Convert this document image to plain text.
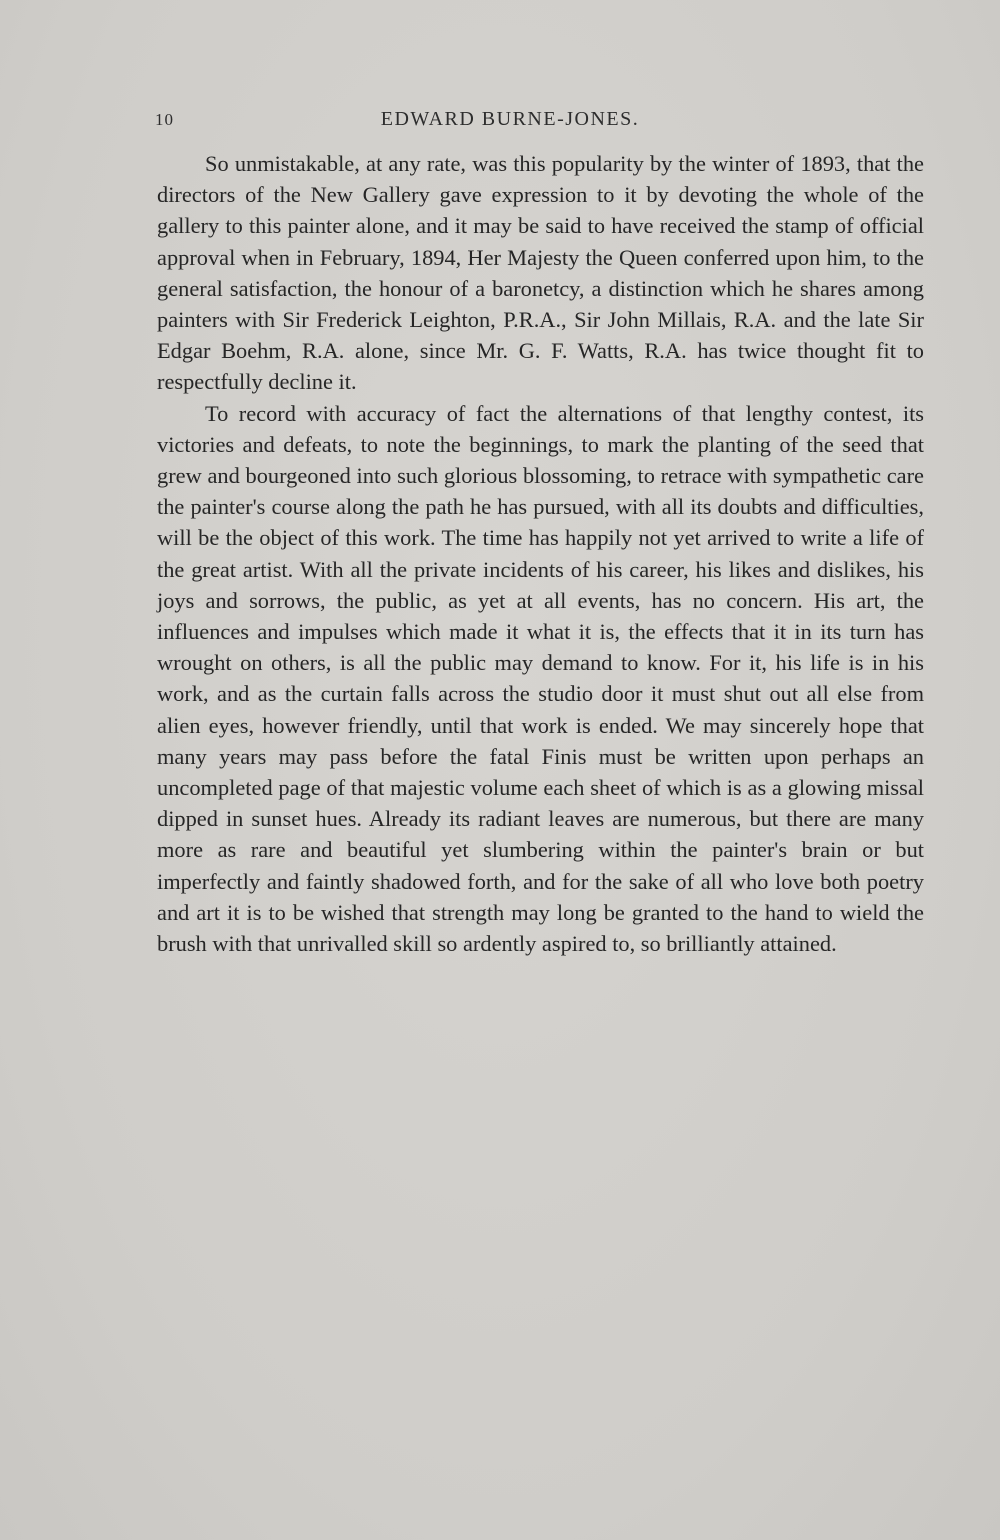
10	EDWARD BURNE-JONES.

So unmistakable, at any rate, was this popularity by the winter of 1893, that the directors of the New Gallery gave expression to it by devoting the whole of the gallery to this painter alone, and it may be said to have received the stamp of official approval when in February, 1894, Her Majesty the Queen conferred upon him, to the general satisfaction, the honour of a baronetcy, a distinction which he shares among painters with Sir Frederick Leighton, P.R.A., Sir John Millais, R.A. and the late Sir Edgar Boehm, R.A. alone, since Mr. G. F. Watts, R.A. has twice thought fit to respectfully decline it.

To record with accuracy of fact the alternations of that lengthy contest, its victories and defeats, to note the beginnings, to mark the planting of the seed that grew and bourgeoned into such glorious blossoming, to retrace with sympathetic care the painter's course along the path he has pursued, with all its doubts and difficulties, will be the object of this work. The time has happily not yet arrived to write a life of the great artist. With all the private incidents of his career, his likes and dislikes, his joys and sorrows, the public, as yet at all events, has no concern. His art, the influences and impulses which made it what it is, the effects that it in its turn has wrought on others, is all the public may demand to know. For it, his life is in his work, and as the curtain falls across the studio door it must shut out all else from alien eyes, however friendly, until that work is ended. We may sincerely hope that many years may pass before the fatal Finis must be written upon perhaps an uncompleted page of that majestic volume each sheet of which is as a glowing missal dipped in sunset hues. Already its radiant leaves are numerous, but there are many more as rare and beautiful yet slumbering within the painter's brain or but imperfectly and faintly shadowed forth, and for the sake of all who love both poetry and art it is to be wished that strength may long be granted to the hand to wield the brush with that unrivalled skill so ardently aspired to, so brilliantly attained.
